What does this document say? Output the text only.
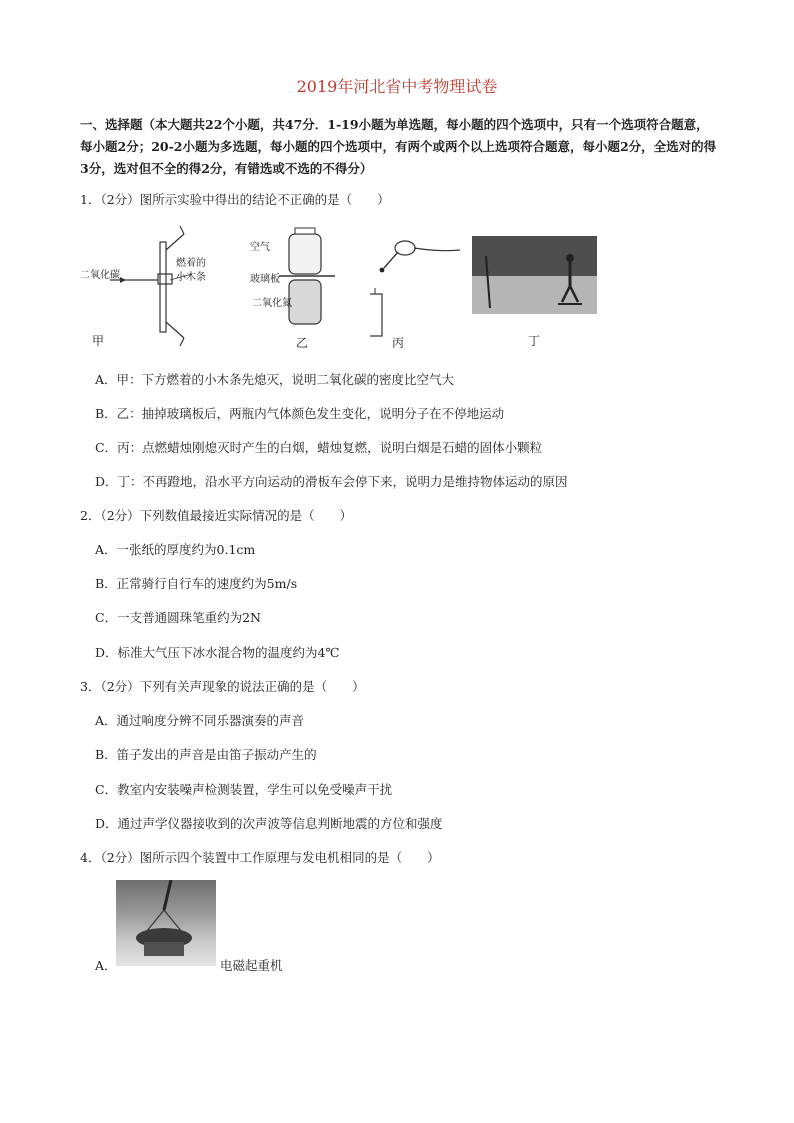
2019年河北省中考物理试卷
一、选择题（本大题共22个小题，共47分．1-19小题为单选题，每小题的四个选项中，只有一个选项符合题意，每小题2分；20-2小题为多选题，每小题的四个选项中，有两个或两个以上选项符合题意，每小题2分，全选对的得3分，选对但不全的得2分，有错选或不选的不得分）
1．（2分）图所示实验中得出的结论不正确的是（　　）
二氧化碳
燃着的
小木条
甲
空气
玻璃板
二氧化氮
乙	丙	丁
A．甲：下方燃着的小木条先熄灭，说明二氧化碳的密度比空气大
B．乙：抽掉玻璃板后，两瓶内气体颜色发生变化，说明分子在不停地运动
C．丙：点燃蜡烛刚熄灭时产生的白烟，蜡烛复燃，说明白烟是石蜡的固体小颗粒
D．丁：不再蹬地，沿水平方向运动的滑板车会停下来，说明力是维持物体运动的原因
2．（2分）下列数值最接近实际情况的是（　　）
A．一张纸的厚度约为0.1cm
B．正常骑行自行车的速度约为5m/s
C．一支普通圆珠笔重约为2N
D．标准大气压下冰水混合物的温度约为4℃
3．（2分）下列有关声现象的说法正确的是（　　）
A．通过响度分辨不同乐器演奏的声音
B．笛子发出的声音是由笛子振动产生的
C．教室内安装噪声检测装置，学生可以免受噪声干扰
D．通过声学仪器接收到的次声波等信息判断地震的方位和强度
4．（2分）图所示四个装置中工作原理与发电机相同的是（　　）
A．	电磁起重机
